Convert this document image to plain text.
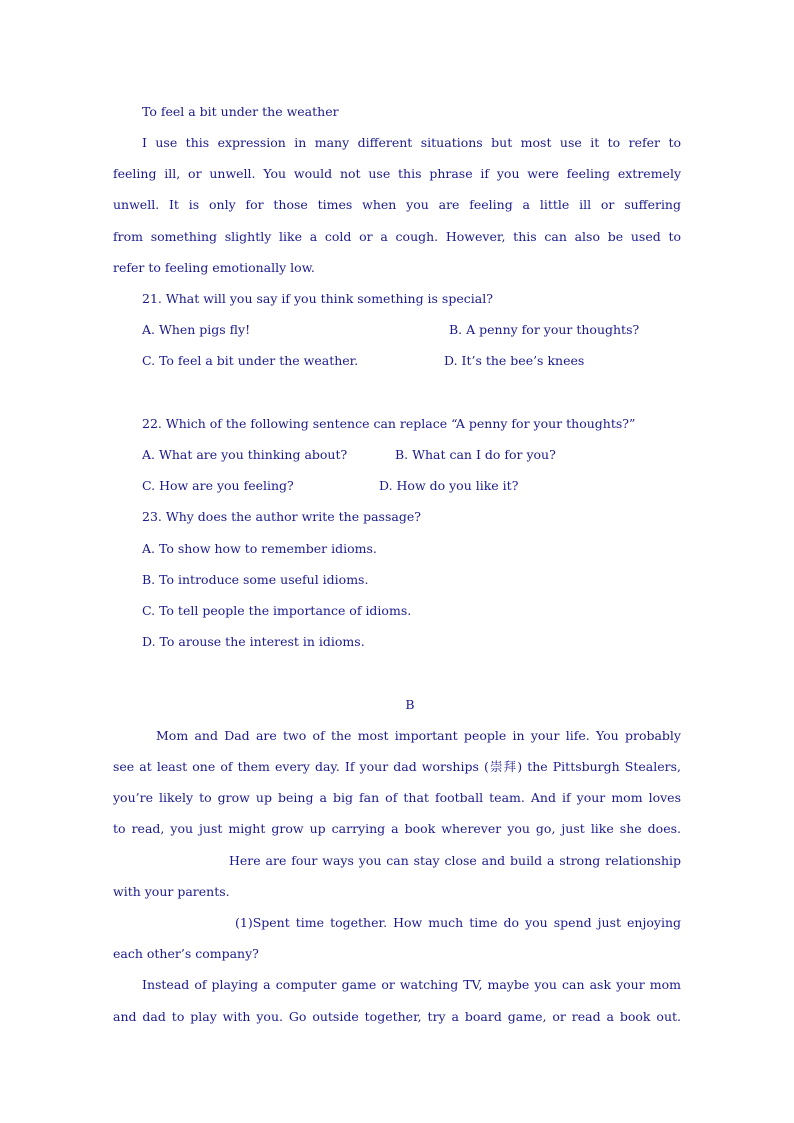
To feel a bit under the weather
I use this expression in many different situations but most use it to refer to
feeling ill, or unwell. You would not use this phrase if you were feeling extremely
unwell. It is only for those times when you are feeling a little ill or suffering
from something slightly like a cold or a cough. However, this can also be used to
refer to feeling emotionally low.
21. What will you say if you think something is special?
A. When pigs fly!	B. A penny for your thoughts?
C. To feel a bit under the weather.	D. It’s the bee’s knees
22. Which of the following sentence can replace “A penny for your thoughts?”
A. What are you thinking about?	B. What can I do for you?
C. How are you feeling?	D. How do you like it?
23. Why does the author write the passage?
A. To show how to remember idioms.
B. To introduce some useful idioms.
C. To tell people the importance of idioms.
D. To arouse the interest in idioms.
B
Mom and Dad are two of the most important people in your life. You probably
see at least one of them every day. If your dad worships (崇拜) the Pittsburgh Stealers,
you’re likely to grow up being a big fan of that football team. And if your mom loves
to read, you just might grow up carrying a book wherever you go, just like she does.
Here are four ways you can stay close and build a strong relationship
with your parents.
(1)Spent time together. How much time do you spend just enjoying
each other’s company?
Instead of playing a computer game or watching TV, maybe you can ask your mom
and dad to play with you. Go outside together, try a board game, or read a book out.
